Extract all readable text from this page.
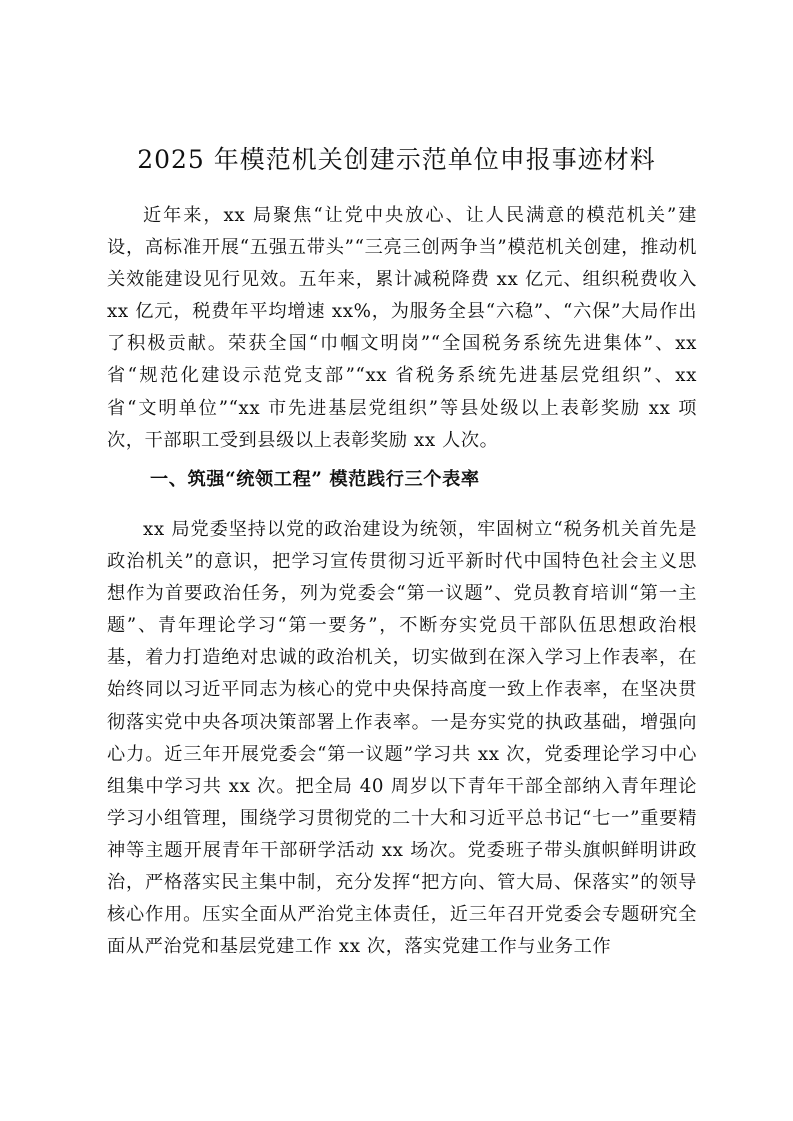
2025 年模范机关创建示范单位申报事迹材料

近年来，xx 局聚焦“让党中央放心、让人民满意的模范机关”建设，高标准开展“五强五带头”“三亮三创两争当”模范机关创建，推动机关效能建设见行见效。五年来，累计减税降费 xx 亿元、组织税费收入 xx 亿元，税费年平均增速 xx%，为服务全县“六稳”、“六保”大局作出了积极贡献。荣获全国“巾帼文明岗”“全国税务系统先进集体”、xx 省“规范化建设示范党支部”“xx 省税务系统先进基层党组织”、xx 省“文明单位”“xx 市先进基层党组织”等县处级以上表彰奖励 xx 项次，干部职工受到县级以上表彰奖励 xx 人次。

一、筑强“统领工程” 模范践行三个表率

xx 局党委坚持以党的政治建设为统领，牢固树立“税务机关首先是政治机关”的意识，把学习宣传贯彻习近平新时代中国特色社会主义思想作为首要政治任务，列为党委会“第一议题”、党员教育培训“第一主题”、青年理论学习“第一要务”，不断夯实党员干部队伍思想政治根基，着力打造绝对忠诚的政治机关，切实做到在深入学习上作表率，在始终同以习近平同志为核心的党中央保持高度一致上作表率，在坚决贯彻落实党中央各项决策部署上作表率。一是夯实党的执政基础，增强向心力。近三年开展党委会“第一议题”学习共 xx 次，党委理论学习中心组集中学习共 xx 次。把全局 40 周岁以下青年干部全部纳入青年理论学习小组管理，围绕学习贯彻党的二十大和习近平总书记“七一”重要精神等主题开展青年干部研学活动 xx 场次。党委班子带头旗帜鲜明讲政治，严格落实民主集中制，充分发挥“把方向、管大局、保落实”的领导核心作用。压实全面从严治党主体责任，近三年召开党委会专题研究全面从严治党和基层党建工作 xx 次，落实党建工作与业务工作
